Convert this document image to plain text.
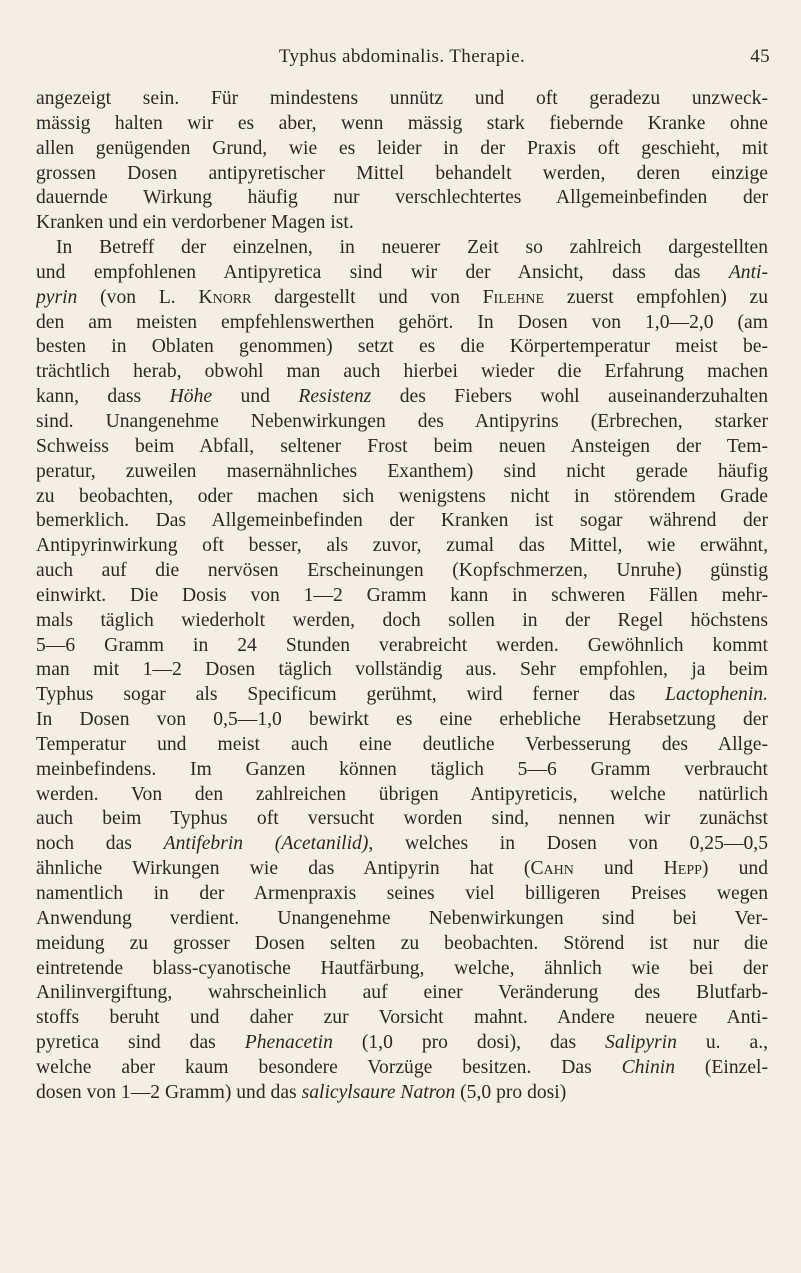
Typhus abdominalis. Therapie.	45
angezeigt sein. Für mindestens unnütz und oft geradezu unzweck-
mässig halten wir es aber, wenn mässig stark fiebernde Kranke ohne
allen genügenden Grund, wie es leider in der Praxis oft geschieht, mit
grossen Dosen antipyretischer Mittel behandelt werden, deren einzige
dauernde Wirkung häufig nur verschlechtertes Allgemeinbefinden der
Kranken und ein verdorbener Magen ist.
In Betreff der einzelnen, in neuerer Zeit so zahlreich dargestellten
und empfohlenen Antipyretica sind wir der Ansicht, dass das Anti-
pyrin (von L. Knorr dargestellt und von Filehne zuerst empfohlen) zu
den am meisten empfehlenswerthen gehört. In Dosen von 1,0—2,0 (am
besten in Oblaten genommen) setzt es die Körpertemperatur meist be-
trächtlich herab, obwohl man auch hierbei wieder die Erfahrung machen
kann, dass Höhe und Resistenz des Fiebers wohl auseinanderzuhalten
sind. Unangenehme Nebenwirkungen des Antipyrins (Erbrechen, starker
Schweiss beim Abfall, seltener Frost beim neuen Ansteigen der Tem-
peratur, zuweilen masernähnliches Exanthem) sind nicht gerade häufig
zu beobachten, oder machen sich wenigstens nicht in störendem Grade
bemerklich. Das Allgemeinbefinden der Kranken ist sogar während der
Antipyrinwirkung oft besser, als zuvor, zumal das Mittel, wie erwähnt,
auch auf die nervösen Erscheinungen (Kopfschmerzen, Unruhe) günstig
einwirkt. Die Dosis von 1—2 Gramm kann in schweren Fällen mehr-
mals täglich wiederholt werden, doch sollen in der Regel höchstens
5—6 Gramm in 24 Stunden verabreicht werden. Gewöhnlich kommt
man mit 1—2 Dosen täglich vollständig aus. Sehr empfohlen, ja beim
Typhus sogar als Specificum gerühmt, wird ferner das Lactophenin.
In Dosen von 0,5—1,0 bewirkt es eine erhebliche Herabsetzung der
Temperatur und meist auch eine deutliche Verbesserung des Allge-
meinbefindens. Im Ganzen können täglich 5—6 Gramm verbraucht
werden. Von den zahlreichen übrigen Antipyreticis, welche natürlich
auch beim Typhus oft versucht worden sind, nennen wir zunächst
noch das Antifebrin (Acetanilid), welches in Dosen von 0,25—0,5
ähnliche Wirkungen wie das Antipyrin hat (Cahn und Hepp) und
namentlich in der Armenpraxis seines viel billigeren Preises wegen
Anwendung verdient. Unangenehme Nebenwirkungen sind bei Ver-
meidung zu grosser Dosen selten zu beobachten. Störend ist nur die
eintretende blass-cyanotische Hautfärbung, welche, ähnlich wie bei der
Anilinvergiftung, wahrscheinlich auf einer Veränderung des Blutfarb-
stoffs beruht und daher zur Vorsicht mahnt. Andere neuere Anti-
pyretica sind das Phenacetin (1,0 pro dosi), das Salipyrin u. a.,
welche aber kaum besondere Vorzüge besitzen. Das Chinin (Einzel-
dosen von 1—2 Gramm) und das salicylsaure Natron (5,0 pro dosi)
